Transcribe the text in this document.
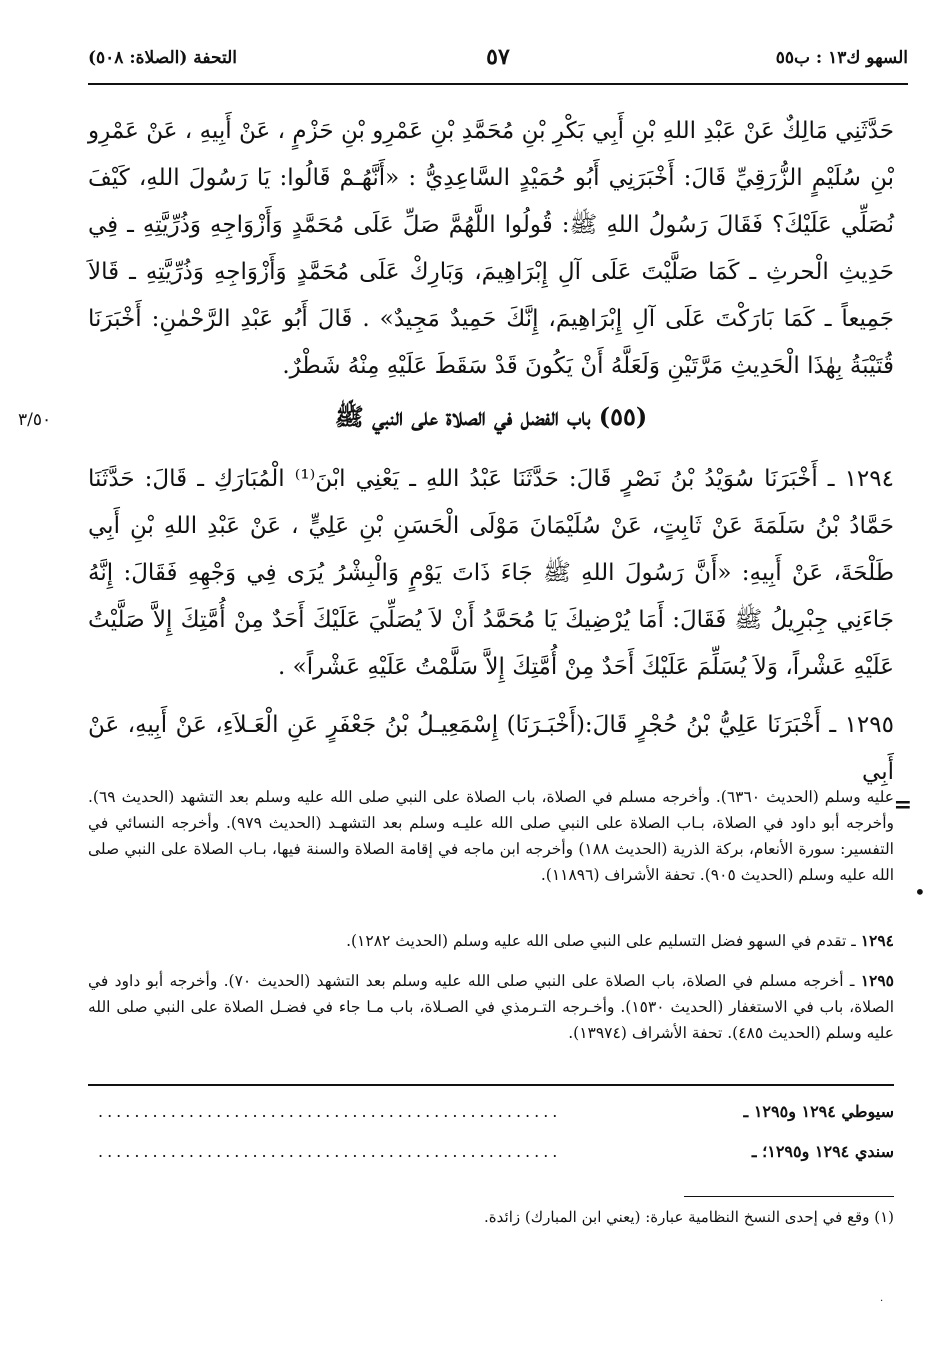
السهو ك١٣ : ب٥٥
٥٧
التحفة (الصلاة: ٥٠٨)
حَدَّثَنِي مَالِكٌ عَنْ عَبْدِ اللهِ بْنِ أَبِي بَكْرِ بْنِ مُحَمَّدِ بْنِ عَمْرِو بْنِ حَزْمٍ ، عَنْ أَبِيهِ ، عَنْ عَمْرِو بْنِ سُلَيْمٍ الزُّرَقِيِّ قَالَ: أَخْبَرَنِي أَبُو حُمَيْدٍ السَّاعِدِيُّ : «أَنَّهُـمْ قَالُوا: يَا رَسُولَ اللهِ، كَيْفَ نُصَلِّي عَلَيْكَ؟ فَقَالَ رَسُولُ اللهِ ﷺ: قُولُوا اللَّهُمَّ صَلِّ عَلَى مُحَمَّدٍ وَأَزْوَاجِهِ وَذُرِّيَّتِهِ ـ فِي حَدِيثِ الْحرثِ ـ كَمَا صَلَّيْتَ عَلَى آلِ إِبْرَاهِيمَ، وَبَارِكْ عَلَى مُحَمَّدٍ وَأَزْوَاجِهِ وَذُرِّيَّتِهِ ـ قَالاَ جَمِيعاً ـ كَمَا بَارَكْتَ عَلَى آلِ إِبْرَاهِيمَ، إِنَّكَ حَمِيدٌ مَجِيدٌ» . قَالَ أَبُو عَبْدِ الرَّحْمٰنِ: أَخْبَرَنَا قُتَيْبَةُ بِهٰذَا الْحَدِيثِ مَرَّتَيْنِ وَلَعَلَّهُ أَنْ يَكُونَ قَدْ سَقَطَ عَلَيْهِ مِنْهُ شَطْرٌ.
٣/٥٠	(٥٥) باب الفضل في الصلاة على النبي ﷺ
١٢٩٤ ـ أَخْبَرَنَا سُوَيْدُ بْنُ نَصْرٍ قَالَ: حَدَّثَنَا عَبْدُ اللهِ ـ يَعْنِي ابْنَ⁽¹⁾ الْمُبَارَكِ ـ قَالَ: حَدَّثَنَا حَمَّادُ بْنُ سَلَمَةَ عَنْ ثَابِتٍ، عَنْ سُلَيْمَانَ مَوْلَى الْحَسَنِ بْنِ عَلِيٍّ ، عَنْ عَبْدِ اللهِ بْنِ أَبِي طَلْحَةَ، عَنْ أَبِيهِ: «أَنَّ رَسُولَ اللهِ ﷺ جَاءَ ذَاتَ يَوْمٍ وَالْبِشْرُ يُرَى فِي وَجْهِهِ فَقَالَ: إِنَّهُ جَاءَنِي جِبْرِيلُ ﷺ فَقَالَ: أَمَا يُرْضِيكَ يَا مُحَمَّدُ أَنْ لاَ يُصَلِّيَ عَلَيْكَ أَحَدٌ مِنْ أُمَّتِكَ إِلاَّ صَلَّيْتُ عَلَيْهِ عَشْراً، وَلاَ يُسَلِّمَ عَلَيْكَ أَحَدٌ مِنْ أُمَّتِكَ إِلاَّ سَلَّمْتُ عَلَيْهِ عَشْراً» .
١٢٩٥ ـ أَخْبَرَنَا عَلِيُّ بْنُ حُجْرٍ قَالَ:(أَخْبَـرَنَا) إِسْمَعِيـلُ بْنُ جَعْفَرٍ عَنِ الْعَـلاَءِ، عَنْ أَبِيهِ، عَنْ أَبِي
=
•
عليه وسلم (الحديث ٦٣٦٠). وأخرجه مسلم في الصلاة، باب الصلاة على النبي صلى الله عليه وسلم بعد التشهد (الحديث ٦٩). وأخرجه أبو داود في الصلاة، بـاب الصلاة على النبي صلى الله عليـه وسلم بعد التشهـد (الحديث ٩٧٩). وأخرجه النسائي في التفسير: سورة الأنعام، بركة الذرية (الحديث ١٨٨) وأخرجه ابن ماجه في إقامة الصلاة والسنة فيها، بـاب الصلاة على النبي صلى الله عليه وسلم (الحديث ٩٠٥). تحفة الأشراف (١١٨٩٦).
١٢٩٤ ـ تقدم في السهو فضل التسليم على النبي صلى الله عليه وسلم (الحديث ١٢٨٢).
١٢٩٥ ـ أخرجه مسلم في الصلاة، باب الصلاة على النبي صلى الله عليه وسلم بعد التشهد (الحديث ٧٠). وأخرجه أبو داود في الصلاة، باب في الاستغفار (الحديث ١٥٣٠). وأخـرجه التـرمذي في الصـلاة، باب مـا جاء في فضـل الصلاة على النبي صلى الله عليه وسلم (الحديث ٤٨٥). تحفة الأشراف (١٣٩٧٤).
سيوطي ١٢٩٤ و١٢٩٥ ـ
...................................................
سندي ١٢٩٤ و١٢٩٥؛ ـ
...................................................
(١) وقع في إحدى النسخ النظامية عبارة: (يعني ابن المبارك) زائدة.
·
